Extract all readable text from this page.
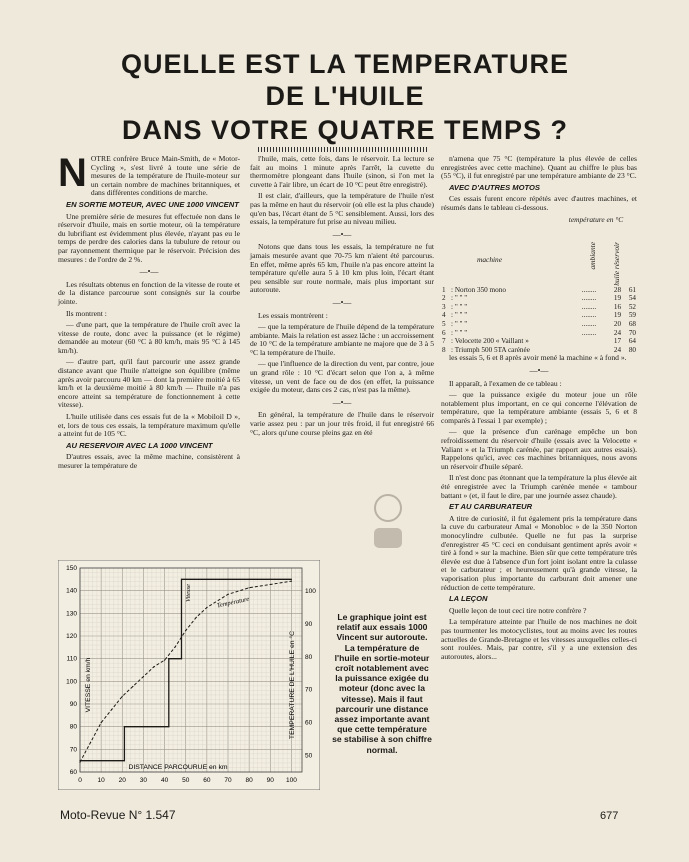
QUELLE EST LA TEMPERATURE
DE L'HUILE
DANS VOTRE QUATRE TEMPS ?

NOTRE confrère Bruce Main-Smith, de « Motor-Cycling », s'est livré à toute une série de mesures de la température de l'huile-moteur sur un certain nombre de machines britanniques, et dans différentes conditions de marche.

EN SORTIE MOTEUR, AVEC UNE 1000 VINCENT

Une première série de mesures fut effectuée non dans le réservoir d'huile, mais en sortie moteur, où la température du lubrifiant est évidemment plus élevée, n'ayant pas eu le temps de perdre des calories dans la tubulure de retour ou par rayonnement thermique par le réservoir. Précision des mesures : de l'ordre de 2 %.

—•—

Les résultats obtenus en fonction de la vitesse de route et de la distance parcourue sont consignés sur la courbe jointe.

Ils montrent :

— d'une part, que la température de l'huile croît avec la vitesse de route, donc avec la puissance (et le régime) demandée au moteur (60 °C à 80 km/h, mais 95 °C à 145 km/h).

— d'autre part, qu'il faut parcourir une assez grande distance avant que l'huile n'atteigne son équilibre (même après avoir parcouru 40 km — dont la première moitié à 65 km/h et la deuxième moitié à 80 km/h — l'huile n'a pas encore atteint sa température de fonctionnement à cette vitesse).

L'huile utilisée dans ces essais fut de la « Mobiloil D », et, lors de tous ces essais, la température maximum qu'elle a atteint fut de 105 °C.

AU RESERVOIR AVEC LA 1000 VINCENT

D'autres essais, avec la même machine, consistèrent à mesurer la température de

l'huile, mais, cette fois, dans le réservoir. La lecture se fait au moins 1 minute après l'arrêt, la cuvette du thermomètre plongeant dans l'huile (sinon, si l'on met la cuvette à l'air libre, un écart de 10 °C peut être enregistré).

Il est clair, d'ailleurs, que la température de l'huile n'est pas la même en haut du réservoir (où elle est la plus chaude) qu'en bas, l'écart étant de 5 °C sensiblement. Aussi, lors des essais, la température fut prise au niveau milieu.

—•—

Notons que dans tous les essais, la température ne fut jamais mesurée avant que 70-75 km n'aient été parcourus. En effet, même après 65 km, l'huile n'a pas encore atteint la température qu'elle aura 5 à 10 km plus loin, l'écart étant peu sensible sur route normale, mais plus important sur autoroute.

—•—

Les essais montrèrent :

— que la température de l'huile dépend de la température ambiante. Mais la relation est assez lâche : un accroissement de 10 °C de la température ambiante ne majore que de 3 à 5 °C la température de l'huile.

— que l'influence de la direction du vent, par contre, joue un grand rôle : 10 °C d'écart selon que l'on a, à même vitesse, un vent de face ou de dos (en effet, la puissance exigée du moteur, dans ces 2 cas, n'est pas la même).

—•—

En général, la température de l'huile dans le réservoir varie assez peu : par un jour très froid, il fut enregistré 66 °C, alors qu'une course pleins gaz en été

n'amena que 75 °C (température la plus élevée de celles enregistrées avec cette machine). Quant au chiffre le plus bas (55 °C), il fut enregistré par une température ambiante de 23 °C.

AVEC D'AUTRES MOTOS

Ces essais furent encore répétés avec d'autres machines, et résumés dans le tableau ci-dessous.

température en °C
machine	ambiante huile réservoir
1	: Norton 350 mono	........	28	61
2	: " " "	........	19	54
3	: " " "	........	16	52
4	: " " "	........	19	59
5	: " " "	........	20	68
6	: " " "	........	24	70
7	: Velocette 200 « Vaillant »		17	64
8	: Triumph 500 5TA carénée		24	80

les essais 5, 6 et 8 après avoir mené la machine « à fond ».

—•—

Il apparaît, à l'examen de ce tableau :

— que la puissance exigée du moteur joue un rôle notablement plus important, en ce qui concerne l'élévation de température, que la température ambiante (essais 5, 6 et 8 comparés à l'essai 1 par exemple) ;

— que la présence d'un carénage empêche un bon refroidissement du réservoir d'huile (essais avec la Velocette « Valiant » et la Triumph carénée, par rapport aux autres essais). Rappelons qu'ici, avec ces machines britanniques, nous avons un réservoir d'huile séparé.

Il n'est donc pas étonnant que la température la plus élevée ait été enregistrée avec la Triumph carénée menée « tambour battant » (et, il faut le dire, par une journée assez chaude).

ET AU CARBURATEUR

A titre de curiosité, il fut également pris la température dans la cuve du carburateur Amal « Monobloc » de la 350 Norton monocylindre culbutée. Quelle ne fut pas la surprise d'enregistrer 45 °C ceci en conduisant gentiment après avoir « tiré à fond » sur la machine. Bien sûr que cette température très élevée est due à l'absence d'un fort joint isolant entre la culasse et le carburateur ; et heureusement qu'à grande vitesse, la vaporisation plus importante du carburant doit amener une réduction de cette température.

LA LEÇON

Quelle leçon de tout ceci tire notre confrère ?

La température atteinte par l'huile de nos machines ne doit pas tourmenter les motocyclistes, tout au moins avec les routes actuelles de Grande-Bretagne et les vitesses auxquelles celles-ci sont roulées. Mais, par contre, s'il y a une extension des autoroutes, alors...

0 10 20 30 40 50 60 70 80 90 100
60
70
80
90
100
110
120
130
140
150
50
60
70
80
90
100
DISTANCE PARCOURUE en km
VITESSE en km/h	TEMPERATURE DE L'HUILE en °C
Vitesse
Température
Le graphique joint est relatif aux essais 1000 Vincent sur autoroute. La température de l'huile en sortie-moteur croît notablement avec la puissance exigée du moteur (donc avec la vitesse). Mais il faut parcourir une distance assez importante avant que cette température se stabilise à son chiffre normal.
Moto-Revue N° 1.547	677
